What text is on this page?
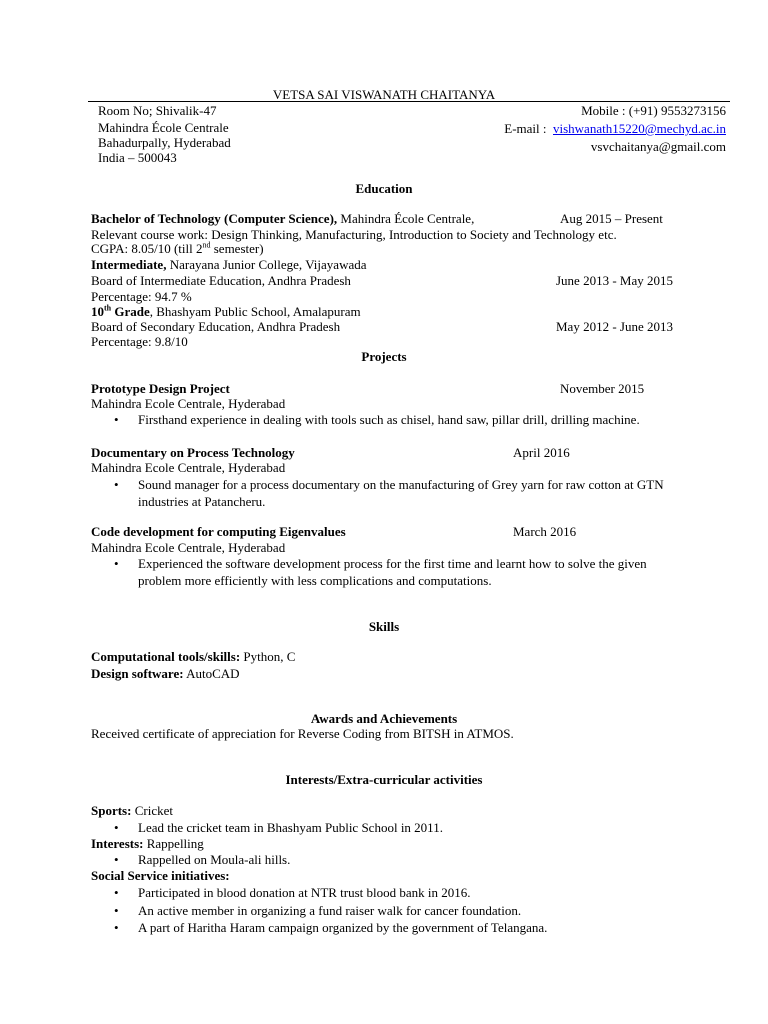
VETSA SAI VISWANATH CHAITANYA
Room No; Shivalik-47
Mahindra École Centrale
Bahadurpally, Hyderabad
India – 500043
Mobile : (+91) 9553273156
E-mail : vishwanath15220@mechyd.ac.in
vsvchaitanya@gmail.com
Education
Bachelor of Technology (Computer Science), Mahindra École Centrale,	Aug 2015 – Present
Relevant course work: Design Thinking, Manufacturing, Introduction to Society and Technology etc.
CGPA: 8.05/10 (till 2nd semester)
Intermediate, Narayana Junior College, Vijayawada
Board of Intermediate Education, Andhra Pradesh	June 2013 - May 2015
Percentage: 94.7 %
10th Grade, Bhashyam Public School, Amalapuram
Board of Secondary Education, Andhra Pradesh	May 2012 - June 2013
Percentage: 9.8/10
Projects
Prototype Design Project	November 2015
Mahindra Ecole Centrale, Hyderabad
• Firsthand experience in dealing with tools such as chisel, hand saw, pillar drill, drilling machine.
Documentary on Process Technology	April 2016
Mahindra Ecole Centrale, Hyderabad
• Sound manager for a process documentary on the manufacturing of Grey yarn for raw cotton at GTN
industries at Patancheru.
Code development for computing Eigenvalues	March 2016
Mahindra Ecole Centrale, Hyderabad
• Experienced the software development process for the first time and learnt how to solve the given
problem more efficiently with less complications and computations.
Skills
Computational tools/skills: Python, C
Design software: AutoCAD
Awards and Achievements
Received certificate of appreciation for Reverse Coding from BITSH in ATMOS.
Interests/Extra-curricular activities
Sports: Cricket
• Lead the cricket team in Bhashyam Public School in 2011.
Interests: Rappelling
• Rappelled on Moula-ali hills.
Social Service initiatives:
• Participated in blood donation at NTR trust blood bank in 2016.
• An active member in organizing a fund raiser walk for cancer foundation.
• A part of Haritha Haram campaign organized by the government of Telangana.
